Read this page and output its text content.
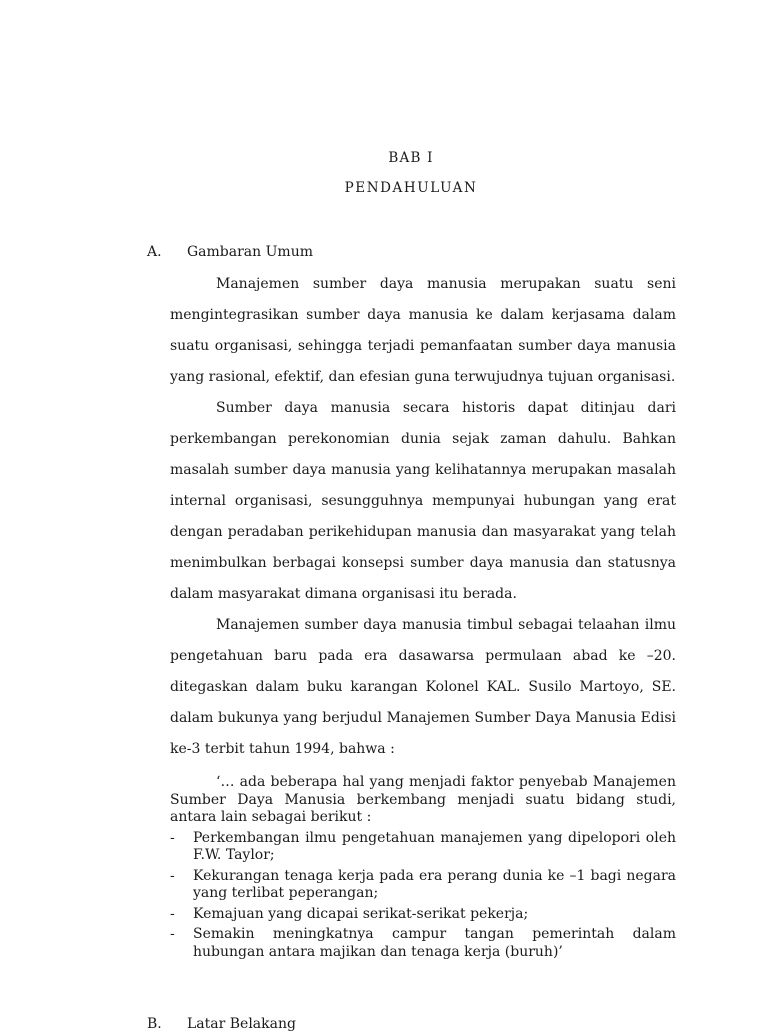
BAB I
PENDAHULUAN
A. Gambaran Umum

Manajemen sumber daya manusia merupakan suatu seni mengintegrasikan sumber daya manusia ke dalam kerjasama dalam suatu organisasi, sehingga terjadi pemanfaatan sumber daya manusia yang rasional, efektif, dan efesian guna terwujudnya tujuan organisasi.

Sumber daya manusia secara historis dapat ditinjau dari perkembangan perekonomian dunia sejak zaman dahulu. Bahkan masalah sumber daya manusia yang kelihatannya merupakan masalah internal organisasi, sesungguhnya mempunyai hubungan yang erat dengan peradaban perikehidupan manusia dan masyarakat yang telah menimbulkan berbagai konsepsi sumber daya manusia dan statusnya dalam masyarakat dimana organisasi itu berada.

Manajemen sumber daya manusia timbul sebagai telaahan ilmu pengetahuan baru pada era dasawarsa permulaan abad ke –20. ditegaskan dalam buku karangan Kolonel KAL. Susilo Martoyo, SE. dalam bukunya yang berjudul Manajemen Sumber Daya Manusia Edisi ke-3 terbit tahun 1994, bahwa :

‘… ada beberapa hal yang menjadi faktor penyebab Manajemen Sumber Daya Manusia berkembang menjadi suatu bidang studi, antara lain sebagai berikut :

- Perkembangan ilmu pengetahuan manajemen yang dipelopori oleh F.W. Taylor;
- Kekurangan tenaga kerja pada era perang dunia ke –1 bagi negara yang terlibat peperangan;
- Kemajuan yang dicapai serikat-serikat pekerja;
- Semakin meningkatnya campur tangan pemerintah dalam hubungan antara majikan dan tenaga kerja (buruh)’
B. Latar Belakang
